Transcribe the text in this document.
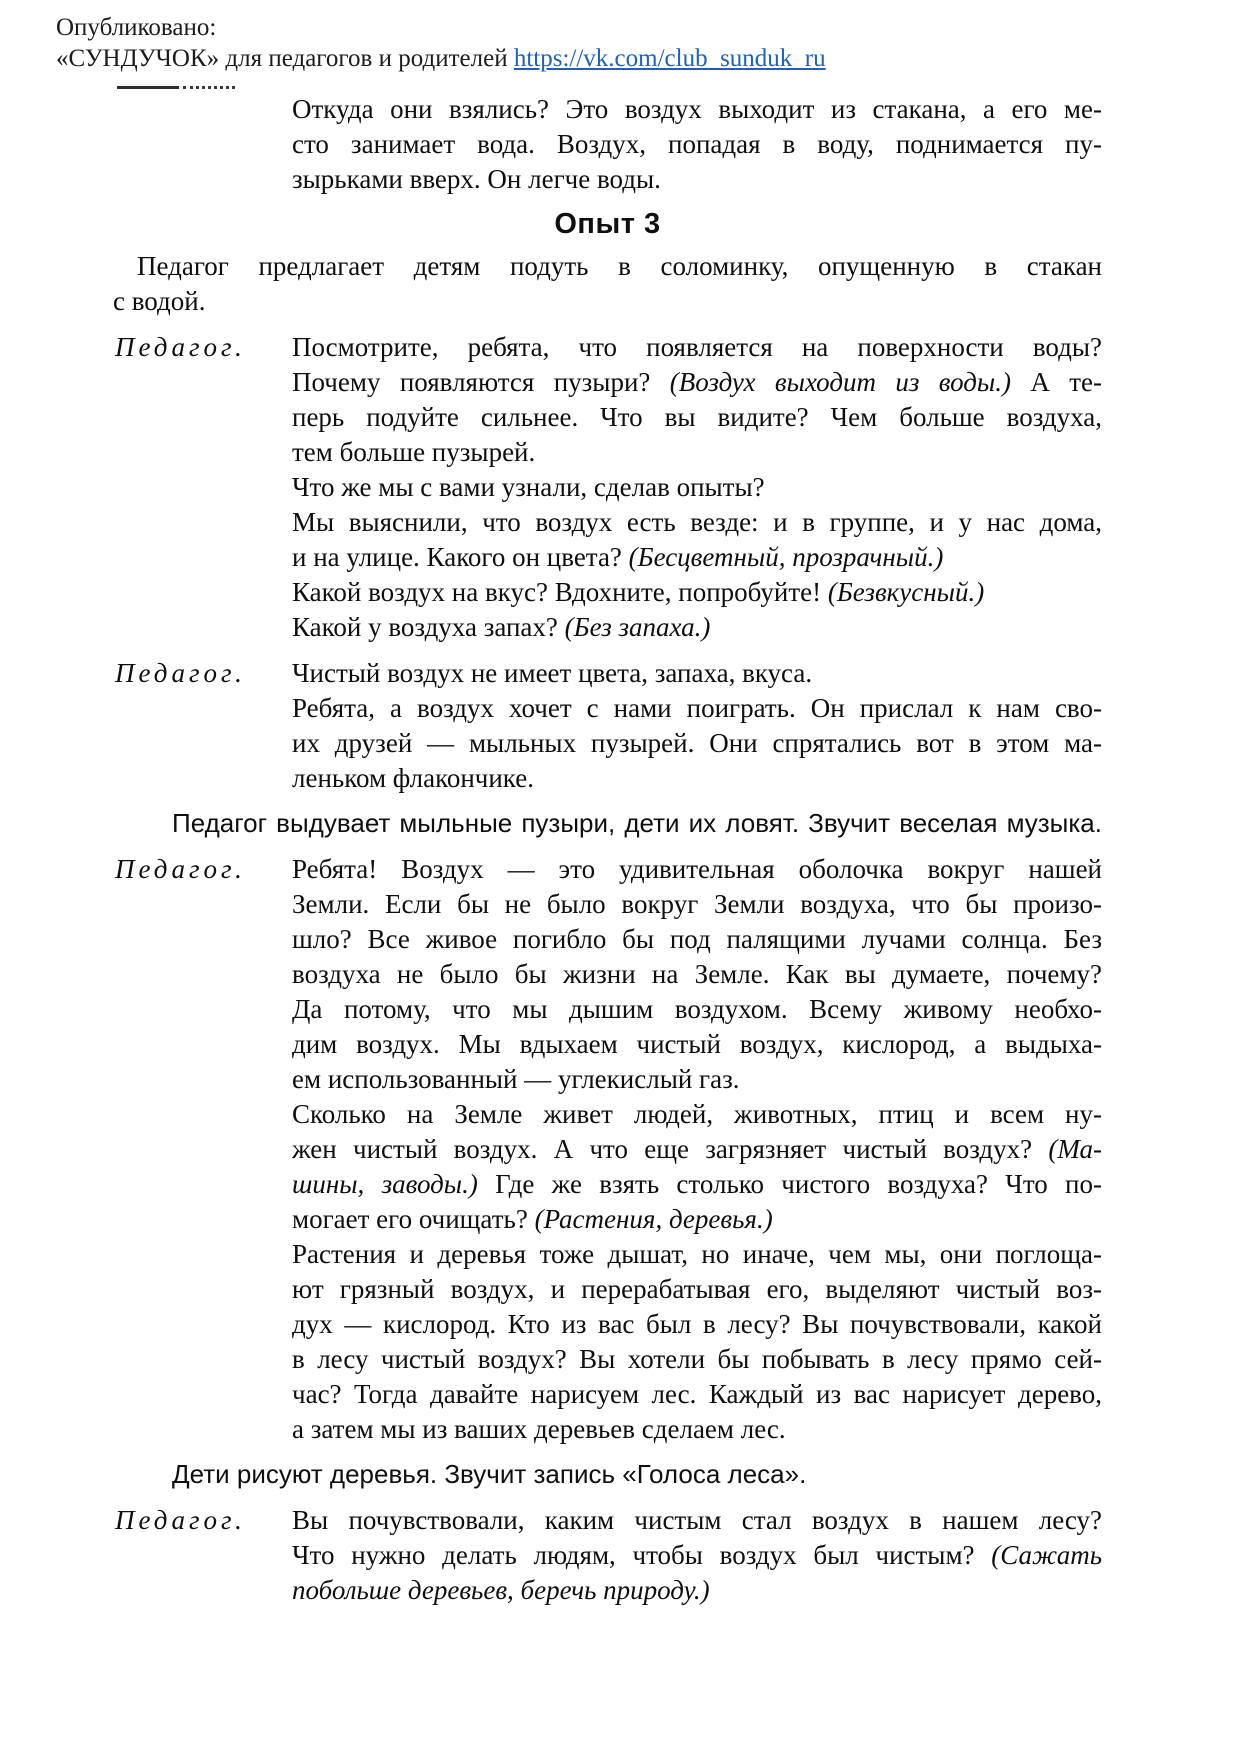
Опубликовано:
«СУНДУЧОК» для педагогов и родителей https://vk.com/club_sunduk_ru
Откуда они взялись? Это воздух выходит из стакана, а его ме-
сто занимает вода. Воздух, попадая в воду, поднимается пу-
зырьками вверх. Он легче воды.
Опыт 3
Педагог предлагает детям подуть в соломинку, опущенную в стакан
с водой.
Педагог. Посмотрите, ребята, что появляется на поверхности воды?
Почему появляются пузыри? (Воздух выходит из воды.) А те-
перь подуйте сильнее. Что вы видите? Чем больше воздуха,
тем больше пузырей.
Что же мы с вами узнали, сделав опыты?
Мы выяснили, что воздух есть везде: и в группе, и у нас дома,
и на улице. Какого он цвета? (Бесцветный, прозрачный.)
Какой воздух на вкус? Вдохните, попробуйте! (Безвкусный.)
Какой у воздуха запах? (Без запаха.)
Педагог. Чистый воздух не имеет цвета, запаха, вкуса.
Ребята, а воздух хочет с нами поиграть. Он прислал к нам сво-
их друзей — мыльных пузырей. Они спрятались вот в этом ма-
леньком флакончике.
Педагог выдувает мыльные пузыри, дети их ловят. Звучит веселая музыка.
Педагог. Ребята! Воздух — это удивительная оболочка вокруг нашей
Земли. Если бы не было вокруг Земли воздуха, что бы произо-
шло? Все живое погибло бы под палящими лучами солнца. Без
воздуха не было бы жизни на Земле. Как вы думаете, почему?
Да потому, что мы дышим воздухом. Всему живому необхо-
дим воздух. Мы вдыхаем чистый воздух, кислород, а выдыха-
ем использованный — углекислый газ.
Сколько на Земле живет людей, животных, птиц и всем ну-
жен чистый воздух. А что еще загрязняет чистый воздух? (Ма-
шины, заводы.) Где же взять столько чистого воздуха? Что по-
могает его очищать? (Растения, деревья.)
Растения и деревья тоже дышат, но иначе, чем мы, они поглоща-
ют грязный воздух, и перерабатывая его, выделяют чистый воз-
дух — кислород. Кто из вас был в лесу? Вы почувствовали, какой
в лесу чистый воздух? Вы хотели бы побывать в лесу прямо сей-
час? Тогда давайте нарисуем лес. Каждый из вас нарисует дерево,
а затем мы из ваших деревьев сделаем лес.
Дети рисуют деревья. Звучит запись «Голоса леса».
Педагог. Вы почувствовали, каким чистым стал воздух в нашем лесу?
Что нужно делать людям, чтобы воздух был чистым? (Сажать
побольше деревьев, беречь природу.)
